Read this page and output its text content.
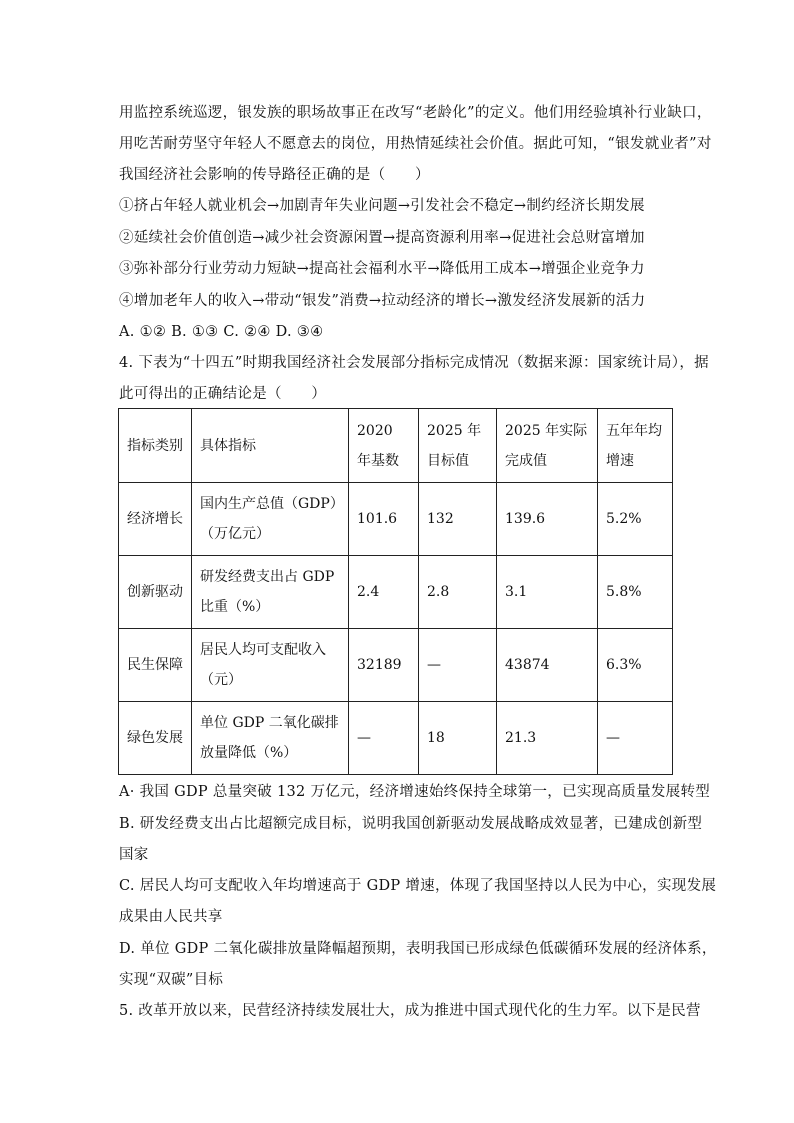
用监控系统巡逻，银发族的职场故事正在改写“老龄化”的定义。他们用经验填补行业缺口，
用吃苦耐劳坚守年轻人不愿意去的岗位，用热情延续社会价值。据此可知，“银发就业者”对
我国经济社会影响的传导路径正确的是（　　）
①挤占年轻人就业机会→加剧青年失业问题→引发社会不稳定→制约经济长期发展
②延续社会价值创造→减少社会资源闲置→提高资源利用率→促进社会总财富增加
③弥补部分行业劳动力短缺→提高社会福利水平→降低用工成本→增强企业竞争力
④增加老年人的收入→带动“银发”消费→拉动经济的增长→激发经济发展新的活力
A. ①② B. ①③ C. ②④ D. ③④
4. 下表为“十四五”时期我国经济社会发展部分指标完成情况（数据来源：国家统计局），据
此可得出的正确结论是（　　）
指标类别	具体指标	2020 年基数	2025 年目标值	2025 年实际完成值	五年年均增速
经济增长	国内生产总值（GDP）（万亿元）	101.6	132	139.6	5.2%
创新驱动	研发经费支出占 GDP 比重（%）	2.4	2.8	3.1	5.8%
民生保障	居民人均可支配收入（元）	32189	—	43874	6.3%
绿色发展	单位 GDP 二氧化碳排放量降低（%）	—	18	21.3	—
A· 我国 GDP 总量突破 132 万亿元，经济增速始终保持全球第一，已实现高质量发展转型
B. 研发经费支出占比超额完成目标，说明我国创新驱动发展战略成效显著，已建成创新型
国家
C. 居民人均可支配收入年均增速高于 GDP 增速，体现了我国坚持以人民为中心，实现发展
成果由人民共享
D. 单位 GDP 二氧化碳排放量降幅超预期，表明我国已形成绿色低碳循环发展的经济体系，
实现“双碳”目标
5. 改革开放以来，民营经济持续发展壮大，成为推进中国式现代化的生力军。以下是民营
